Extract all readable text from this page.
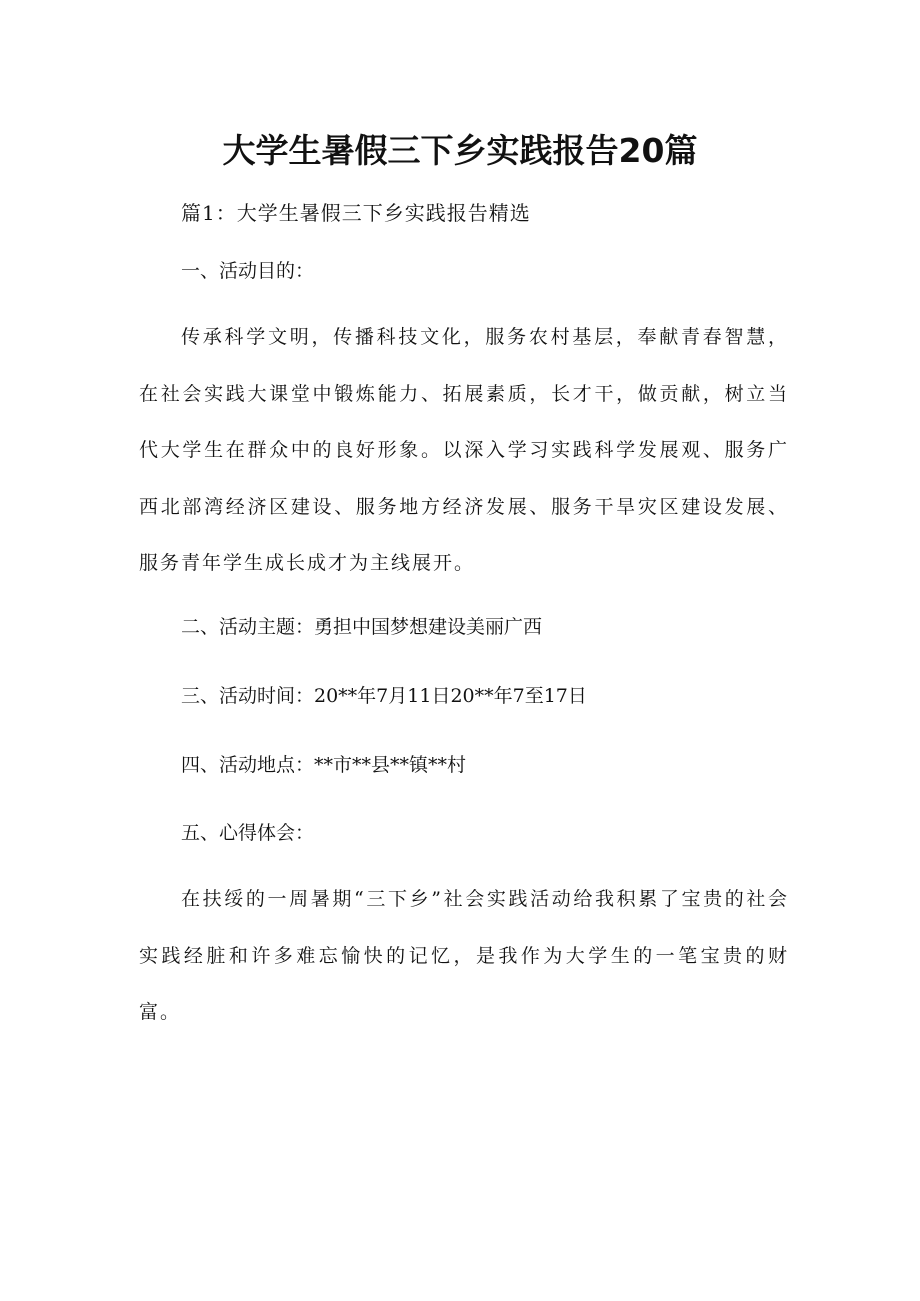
大学生暑假三下乡实践报告20篇

篇1：大学生暑假三下乡实践报告精选

一、活动目的：

传承科学文明，传播科技文化，服务农村基层，奉献青春智慧，在社会实践大课堂中锻炼能力、拓展素质，长才干，做贡献，树立当代大学生在群众中的良好形象。以深入学习实践科学发展观、服务广西北部湾经济区建设、服务地方经济发展、服务干旱灾区建设发展、服务青年学生成长成才为主线展开。

二、活动主题：勇担中国梦想建设美丽广西

三、活动时间：20**年7月11日20**年7至17日

四、活动地点：**市**县**镇**村

五、心得体会：

在扶绥的一周暑期“三下乡”社会实践活动给我积累了宝贵的社会实践经脏和许多难忘愉快的记忆，是我作为大学生的一笔宝贵的财富。
